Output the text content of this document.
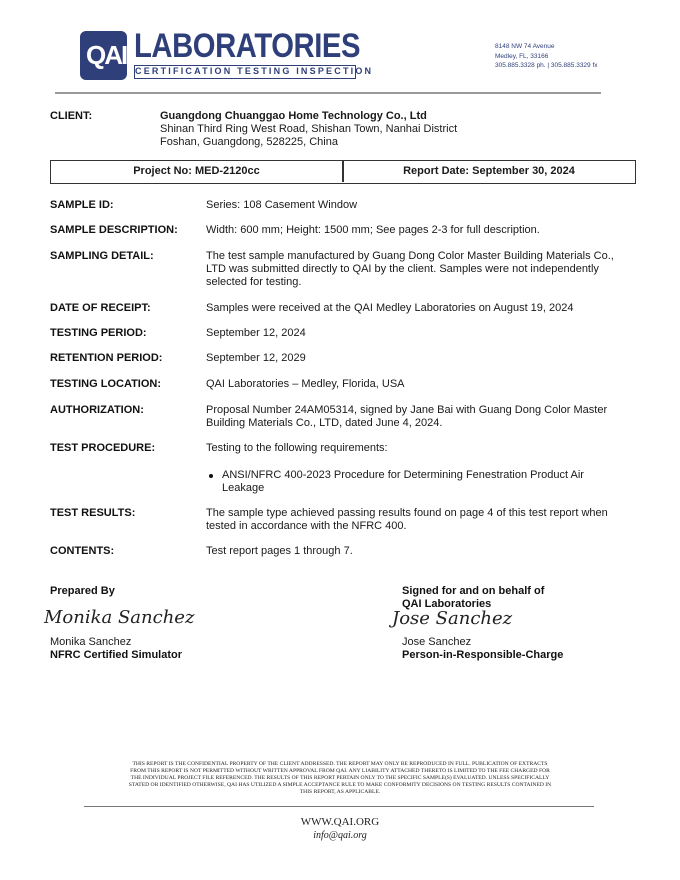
QAI LABORATORIES
CERTIFICATION TESTING INSPECTION
8148 NW 74 Avenue
Medley, FL, 33166
305.885.3328 ph. | 305.885.3329 fx
CLIENT:	Guangdong Chuanggao Home Technology Co., Ltd
Shinan Third Ring West Road, Shishan Town, Nanhai District
Foshan, Guangdong, 528225, China
Project No: MED-2120cc	Report Date: September 30, 2024
SAMPLE ID:	Series: 108 Casement Window
SAMPLE DESCRIPTION:	Width: 600 mm; Height: 1500 mm; See pages 2-3 for full description.
SAMPLING DETAIL:	The test sample manufactured by Guang Dong Color Master Building Materials Co.,
LTD was submitted directly to QAI by the client. Samples were not independently
selected for testing.
DATE OF RECEIPT:	Samples were received at the QAI Medley Laboratories on August 19, 2024
TESTING PERIOD:	September 12, 2024
RETENTION PERIOD:	September 12, 2029
TESTING LOCATION:	QAI Laboratories – Medley, Florida, USA
AUTHORIZATION:	Proposal Number 24AM05314, signed by Jane Bai with Guang Dong Color Master
Building Materials Co., LTD, dated June 4, 2024.
TEST PROCEDURE:	Testing to the following requirements:
ANSI/NFRC 400-2023 Procedure for Determining Fenestration Product Air
Leakage
TEST RESULTS:	The sample type achieved passing results found on page 4 of this test report when
tested in accordance with the NFRC 400.
CONTENTS:	Test report pages 1 through 7.
Prepared By
Monika Sanchez
Monika Sanchez
NFRC Certified Simulator
Signed for and on behalf of
QAI Laboratories
Jose Sanchez
Jose Sanchez
Person-in-Responsible-Charge
THIS REPORT IS THE CONFIDENTIAL PROPERTY OF THE CLIENT ADDRESSED. THE REPORT MAY ONLY BE REPRODUCED IN FULL. PUBLICATION OF EXTRACTS
FROM THIS REPORT IS NOT PERMITTED WITHOUT WRITTEN APPROVAL FROM QAI. ANY LIABILITY ATTACHED THERETO IS LIMITED TO THE FEE CHARGED FOR
THE INDIVIDUAL PROJECT FILE REFERENCED. THE RESULTS OF THIS REPORT PERTAIN ONLY TO THE SPECIFIC SAMPLE(S) EVALUATED. UNLESS SPECIFICALLY
STATED OR IDENTIFIED OTHERWISE, QAI HAS UTILIZED A SIMPLE ACCEPTANCE RULE TO MAKE CONFORMITY DECISIONS ON TESTING RESULTS CONTAINED IN
THIS REPORT, AS APPLICABLE.
WWW.QAI.ORG
info@qai.org
